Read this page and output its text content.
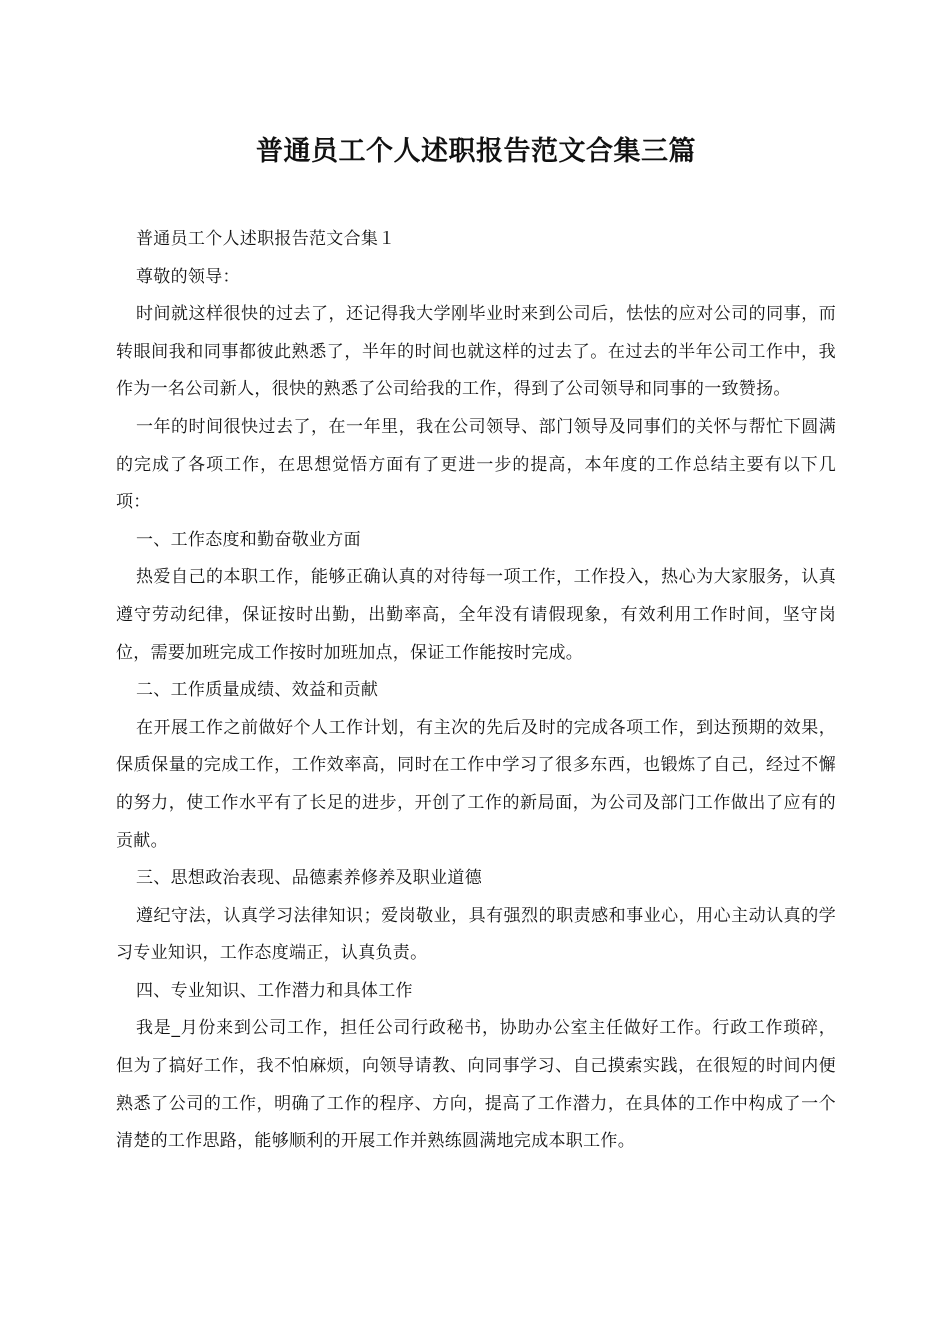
普通员工个人述职报告范文合集三篇

普通员工个人述职报告范文合集１

尊敬的领导：

时间就这样很快的过去了，还记得我大学刚毕业时来到公司后，怯怯的应对公司的同事，而转眼间我和同事都彼此熟悉了，半年的时间也就这样的过去了。在过去的半年公司工作中，我作为一名公司新人，很快的熟悉了公司给我的工作，得到了公司领导和同事的一致赞扬。

一年的时间很快过去了，在一年里，我在公司领导、部门领导及同事们的关怀与帮忙下圆满的完成了各项工作，在思想觉悟方面有了更进一步的提高，本年度的工作总结主要有以下几项：

一、工作态度和勤奋敬业方面

热爱自己的本职工作，能够正确认真的对待每一项工作，工作投入，热心为大家服务，认真遵守劳动纪律，保证按时出勤，出勤率高，全年没有请假现象，有效利用工作时间，坚守岗位，需要加班完成工作按时加班加点，保证工作能按时完成。

二、工作质量成绩、效益和贡献

在开展工作之前做好个人工作计划，有主次的先后及时的完成各项工作，到达预期的效果，保质保量的完成工作，工作效率高，同时在工作中学习了很多东西，也锻炼了自己，经过不懈的努力，使工作水平有了长足的进步，开创了工作的新局面，为公司及部门工作做出了应有的贡献。

三、思想政治表现、品德素养修养及职业道德

遵纪守法，认真学习法律知识；爱岗敬业，具有强烈的职责感和事业心，用心主动认真的学习专业知识，工作态度端正，认真负责。

四、专业知识、工作潜力和具体工作

我是_月份来到公司工作，担任公司行政秘书，协助办公室主任做好工作。行政工作琐碎，但为了搞好工作，我不怕麻烦，向领导请教、向同事学习、自己摸索实践，在很短的时间内便熟悉了公司的工作，明确了工作的程序、方向，提高了工作潜力，在具体的工作中构成了一个清楚的工作思路，能够顺利的开展工作并熟练圆满地完成本职工作。
